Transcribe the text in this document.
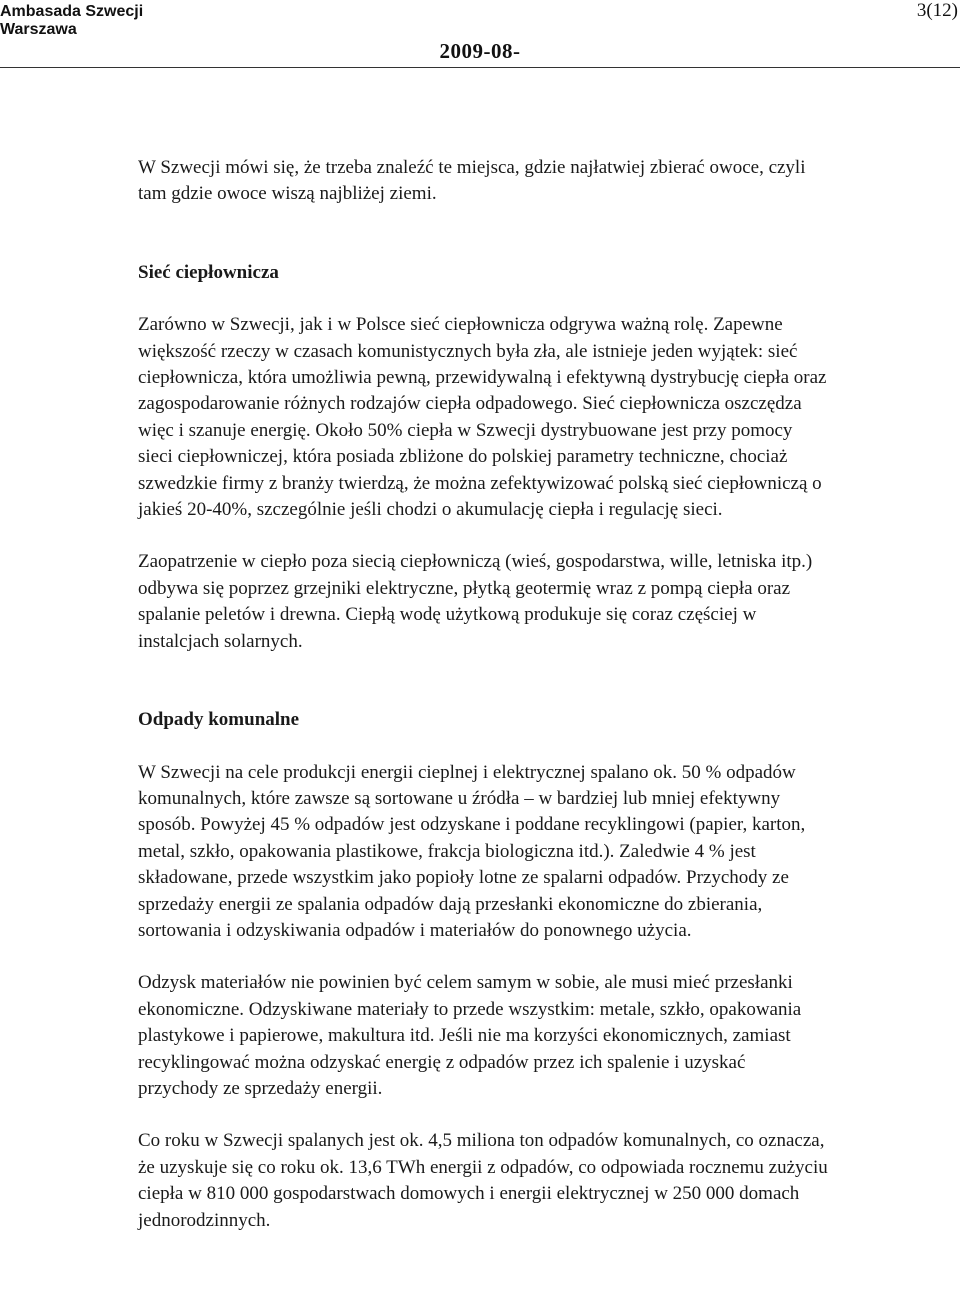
Ambasada Szwecji
Warszawa
3(12)
2009-08-

W Szwecji mówi się, że trzeba znaleźć te miejsca, gdzie najłatwiej zbierać owoce, czyli tam gdzie owoce wiszą najbliżej ziemi.

Sieć ciepłownicza

Zarówno w Szwecji, jak i w Polsce sieć ciepłownicza odgrywa ważną rolę. Zapewne większość rzeczy w czasach komunistycznych była zła, ale istnieje jeden wyjątek: sieć ciepłownicza, która umożliwia pewną, przewidywalną i efektywną dystrybucję ciepła oraz zagospodarowanie różnych rodzajów ciepła odpadowego. Sieć ciepłownicza oszczędza więc i szanuje energię. Około 50% ciepła w Szwecji dystrybuowane jest przy pomocy sieci ciepłowniczej, która posiada zbliżone do polskiej parametry techniczne, chociaż szwedzkie firmy z branży twierdzą, że można zefektywizować polską sieć ciepłowniczą o jakieś 20-40%, szczególnie jeśli chodzi o akumulację ciepła i regulację sieci.

Zaopatrzenie w ciepło poza siecią ciepłowniczą (wieś, gospodarstwa, wille, letniska itp.) odbywa się poprzez grzejniki elektryczne, płytką geotermię wraz z pompą ciepła oraz spalanie peletów i drewna. Ciepłą wodę użytkową produkuje się coraz częściej w instalcjach solarnych.

Odpady komunalne

W Szwecji na cele produkcji energii cieplnej i elektrycznej spalano ok. 50 % odpadów komunalnych, które zawsze są sortowane u źródła – w bardziej lub mniej efektywny sposób. Powyżej 45 % odpadów jest odzyskane i poddane recyklingowi (papier, karton, metal, szkło, opakowania plastikowe, frakcja biologiczna itd.). Zaledwie 4 % jest składowane, przede wszystkim jako popioły lotne ze spalarni odpadów. Przychody ze sprzedaży energii ze spalania odpadów dają przesłanki ekonomiczne do zbierania, sortowania i odzyskiwania odpadów i materiałów do ponownego użycia.

Odzysk materiałów nie powinien być celem samym w sobie, ale musi mieć przesłanki ekonomiczne. Odzyskiwane materiały to przede wszystkim: metale, szkło, opakowania plastykowe i papierowe, makultura itd. Jeśli nie ma korzyści ekonomicznych, zamiast recyklingować można odzyskać energię z odpadów przez ich spalenie i uzyskać przychody ze sprzedaży energii.

Co roku w Szwecji spalanych jest ok. 4,5 miliona ton odpadów komunalnych, co oznacza, że uzyskuje się co roku ok. 13,6 TWh energii z odpadów, co odpowiada rocznemu zużyciu ciepła w 810 000 gospodarstwach domowych i energii elektrycznej w 250 000 domach jednorodzinnych.
